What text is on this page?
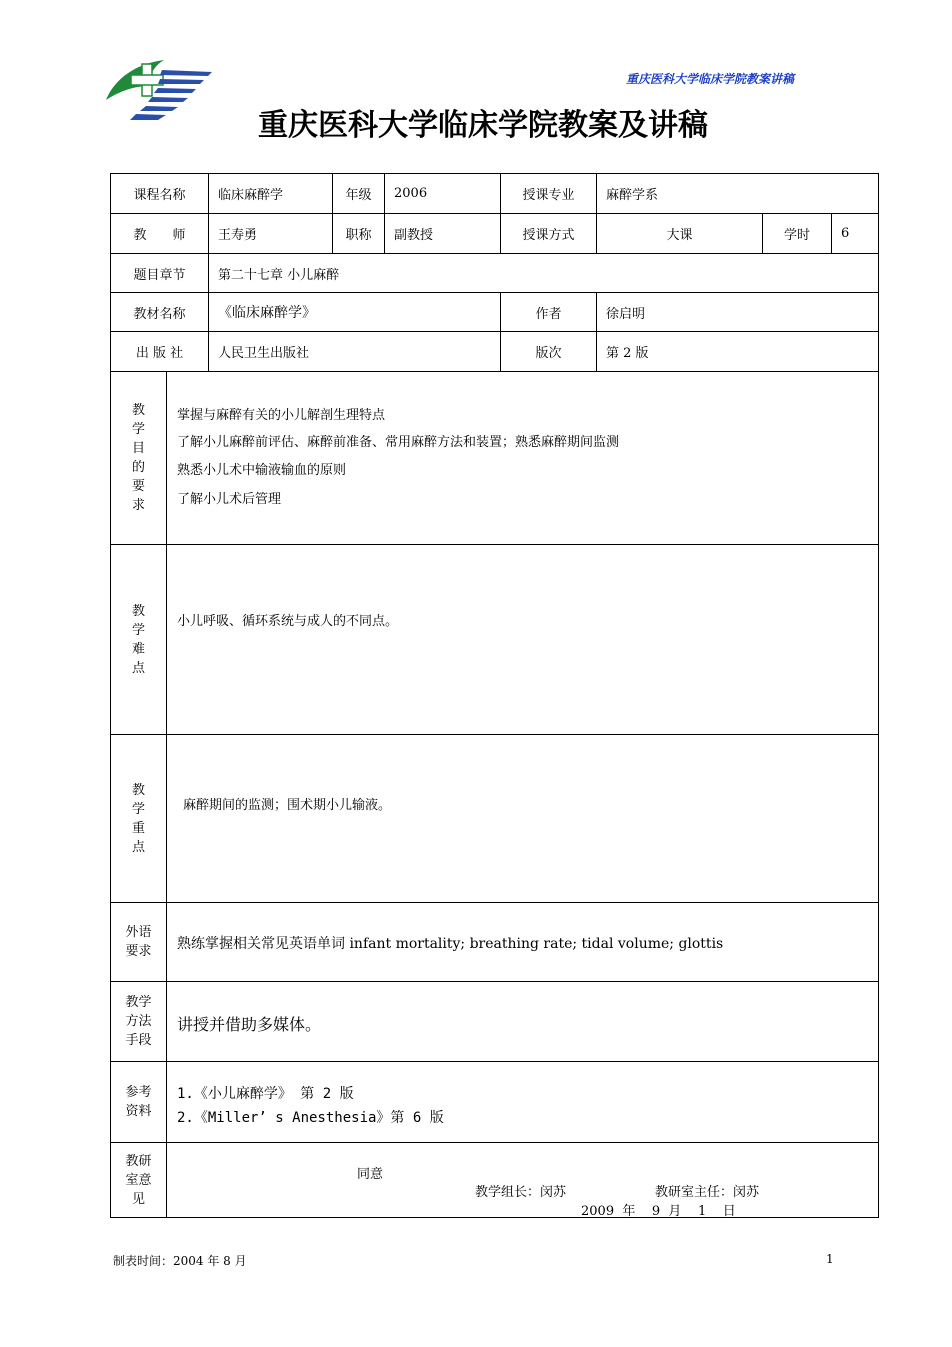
重庆医科大学临床学院教案讲稿
重庆医科大学临床学院教案及讲稿
课程名称	临床麻醉学	年级	2006	授课专业	麻醉学系
教　　师	王寿勇	职称	副教授	授课方式	大课	学时	6
题目章节	第二十七章 小儿麻醉
教材名称	《临床麻醉学》	作者	徐启明
出 版 社	人民卫生出版社	版次	第 2 版
教学目的要求
掌握与麻醉有关的小儿解剖生理特点
了解小儿麻醉前评估、麻醉前准备、常用麻醉方法和装置；熟悉麻醉期间监测
熟悉小儿术中输液输血的原则
了解小儿术后管理
教学难点
小儿呼吸、循环系统与成人的不同点。
教学重点
麻醉期间的监测；围术期小儿输液。
外语要求 熟练掌握相关常见英语单词 infant mortality; breathing rate; tidal volume; glottis
教学方法手段
讲授并借助多媒体。
参考资料
1.《小儿麻醉学》 第 2 版
2.《Miller’ s Anesthesia》第 6 版
教研室意见
同意
教学组长：闵苏	教研室主任：闵苏
2009  年    9  月    1    日
制表时间：2004 年 8 月	1
